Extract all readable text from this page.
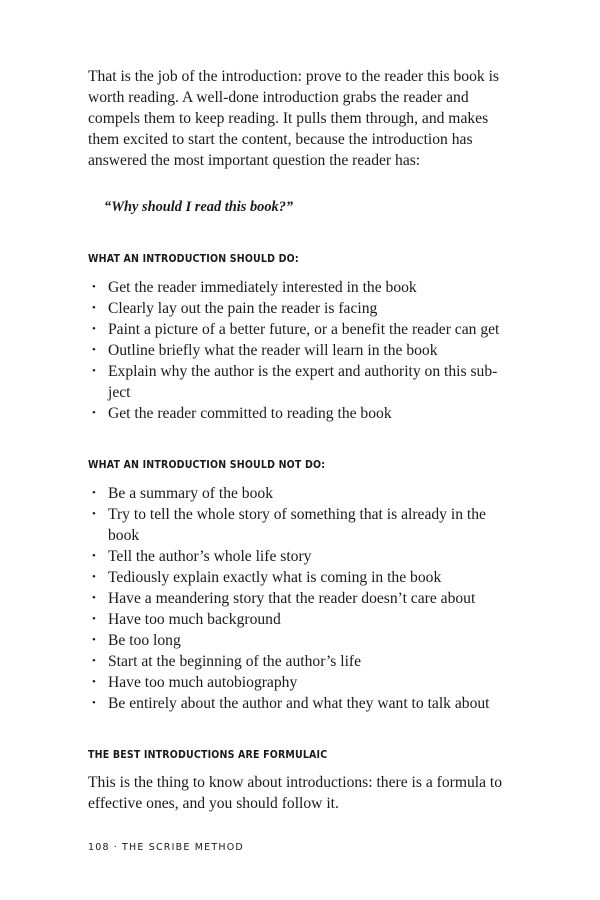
That is the job of the introduction: prove to the reader this book is worth reading. A well-done introduction grabs the reader and compels them to keep reading. It pulls them through, and makes them excited to start the content, because the introduction has answered the most important question the reader has:

“Why should I read this book?”

WHAT AN INTRODUCTION SHOULD DO:
• Get the reader immediately interested in the book
• Clearly lay out the pain the reader is facing
• Paint a picture of a better future, or a benefit the reader can get
• Outline briefly what the reader will learn in the book
• Explain why the author is the expert and authority on this sub-ject
• Get the reader committed to reading the book
WHAT AN INTRODUCTION SHOULD NOT DO:
• Be a summary of the book
• Try to tell the whole story of something that is already in the book
• Tell the author’s whole life story
• Tediously explain exactly what is coming in the book
• Have a meandering story that the reader doesn’t care about
• Have too much background
• Be too long
• Start at the beginning of the author’s life
• Have too much autobiography
• Be entirely about the author and what they want to talk about
THE BEST INTRODUCTIONS ARE FORMULAIC

This is the thing to know about introductions: there is a formula to effective ones, and you should follow it.

108 · THE SCRIBE METHOD
